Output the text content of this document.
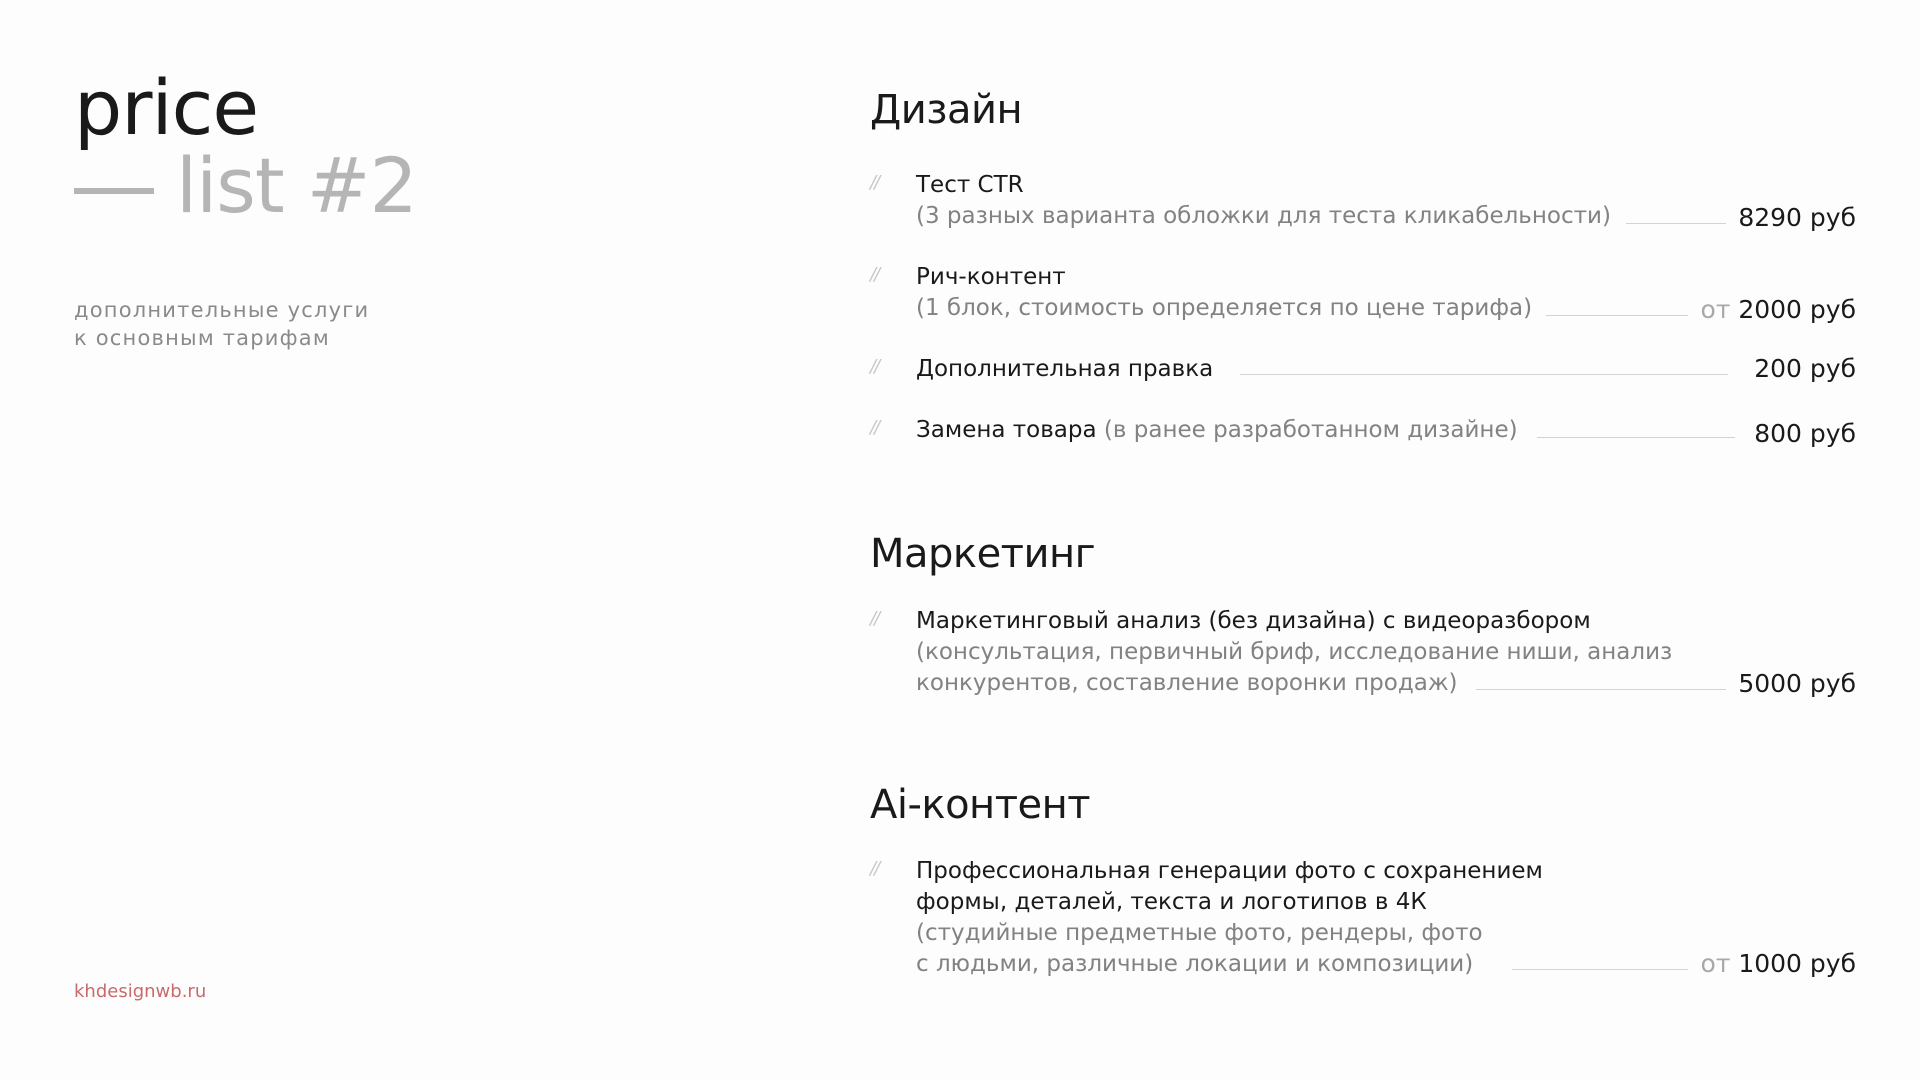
price
list #2
дополнительные услуги
к основным тарифам
khdesignwb.ru
Дизайн
// Тест CTR
(3 разных варианта обложки для теста кликабельности)	8290 руб
// Рич-контент
(1 блок, стоимость определяется по цене тарифа)	от 2000 руб
// Дополнительная правка	200 руб
// Замена товара (в ранее разработанном дизайне)	800 руб
Маркетинг
// Маркетинговый анализ (без дизайна) с видеоразбором
(консультация, первичный бриф, исследование ниши, анализ
конкурентов, составление воронки продаж)	5000 руб
Ai-контент
// Профессиональная генерации фото с сохранением
формы, деталей, текста и логотипов в 4К
(студийные предметные фото, рендеры, фото
с людьми, различные локации и композиции)	от 1000 руб
